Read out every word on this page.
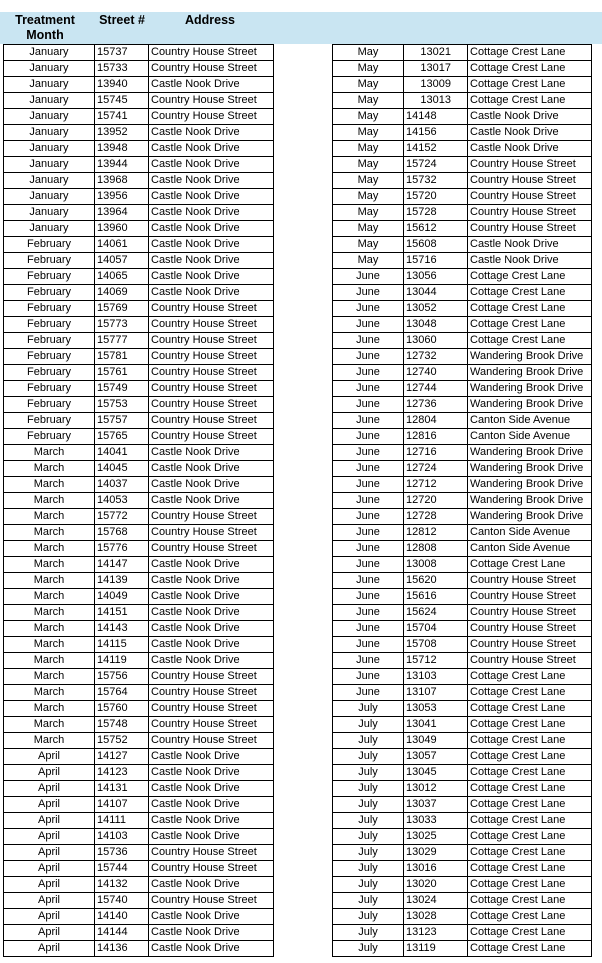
Treatment Month
Street #	Address
January	15737	Country House Street
January	15733	Country House Street
January	13940	Castle Nook Drive
January	15745	Country House Street
January	15741	Country House Street
January	13952	Castle Nook Drive
January	13948	Castle Nook Drive
January	13944	Castle Nook Drive
January	13968	Castle Nook Drive
January	13956	Castle Nook Drive
January	13964	Castle Nook Drive
January	13960	Castle Nook Drive
February	14061	Castle Nook Drive
February	14057	Castle Nook Drive
February	14065	Castle Nook Drive
February	14069	Castle Nook Drive
February	15769	Country House Street
February	15773	Country House Street
February	15777	Country House Street
February	15781	Country House Street
February	15761	Country House Street
February	15749	Country House Street
February	15753	Country House Street
February	15757	Country House Street
February	15765	Country House Street
March	14041	Castle Nook Drive
March	14045	Castle Nook Drive
March	14037	Castle Nook Drive
March	14053	Castle Nook Drive
March	15772	Country House Street
March	15768	Country House Street
March	15776	Country House Street
March	14147	Castle Nook Drive
March	14139	Castle Nook Drive
March	14049	Castle Nook Drive
March	14151	Castle Nook Drive
March	14143	Castle Nook Drive
March	14115	Castle Nook Drive
March	14119	Castle Nook Drive
March	15756	Country House Street
March	15764	Country House Street
March	15760	Country House Street
March	15748	Country House Street
March	15752	Country House Street
April	14127	Castle Nook Drive
April	14123	Castle Nook Drive
April	14131	Castle Nook Drive
April	14107	Castle Nook Drive
April	14111	Castle Nook Drive
April	14103	Castle Nook Drive
April	15736	Country House Street
April	15744	Country House Street
April	14132	Castle Nook Drive
April	15740	Country House Street
April	14140	Castle Nook Drive
April	14144	Castle Nook Drive
April	14136	Castle Nook Drive
May	13021	Cottage Crest Lane
May	13017	Cottage Crest Lane
May	13009	Cottage Crest Lane
May	13013	Cottage Crest Lane
May	14148	Castle Nook Drive
May	14156	Castle Nook Drive
May	14152	Castle Nook Drive
May	15724	Country House Street
May	15732	Country House Street
May	15720	Country House Street
May	15728	Country House Street
May	15612	Country House Street
May	15608	Castle Nook Drive
May	15716	Castle Nook Drive
June	13056	Cottage Crest Lane
June	13044	Cottage Crest Lane
June	13052	Cottage Crest Lane
June	13048	Cottage Crest Lane
June	13060	Cottage Crest Lane
June	12732	Wandering Brook Drive
June	12740	Wandering Brook Drive
June	12744	Wandering Brook Drive
June	12736	Wandering Brook Drive
June	12804	Canton Side Avenue
June	12816	Canton Side Avenue
June	12716	Wandering Brook Drive
June	12724	Wandering Brook Drive
June	12712	Wandering Brook Drive
June	12720	Wandering Brook Drive
June	12728	Wandering Brook Drive
June	12812	Canton Side Avenue
June	12808	Canton Side Avenue
June	13008	Cottage Crest Lane
June	15620	Country House Street
June	15616	Country House Street
June	15624	Country House Street
June	15704	Country House Street
June	15708	Country House Street
June	15712	Country House Street
June	13103	Cottage Crest Lane
June	13107	Cottage Crest Lane
July	13053	Cottage Crest Lane
July	13041	Cottage Crest Lane
July	13049	Cottage Crest Lane
July	13057	Cottage Crest Lane
July	13045	Cottage Crest Lane
July	13012	Cottage Crest Lane
July	13037	Cottage Crest Lane
July	13033	Cottage Crest Lane
July	13025	Cottage Crest Lane
July	13029	Cottage Crest Lane
July	13016	Cottage Crest Lane
July	13020	Cottage Crest Lane
July	13024	Cottage Crest Lane
July	13028	Cottage Crest Lane
July	13123	Cottage Crest Lane
July	13119	Cottage Crest Lane
